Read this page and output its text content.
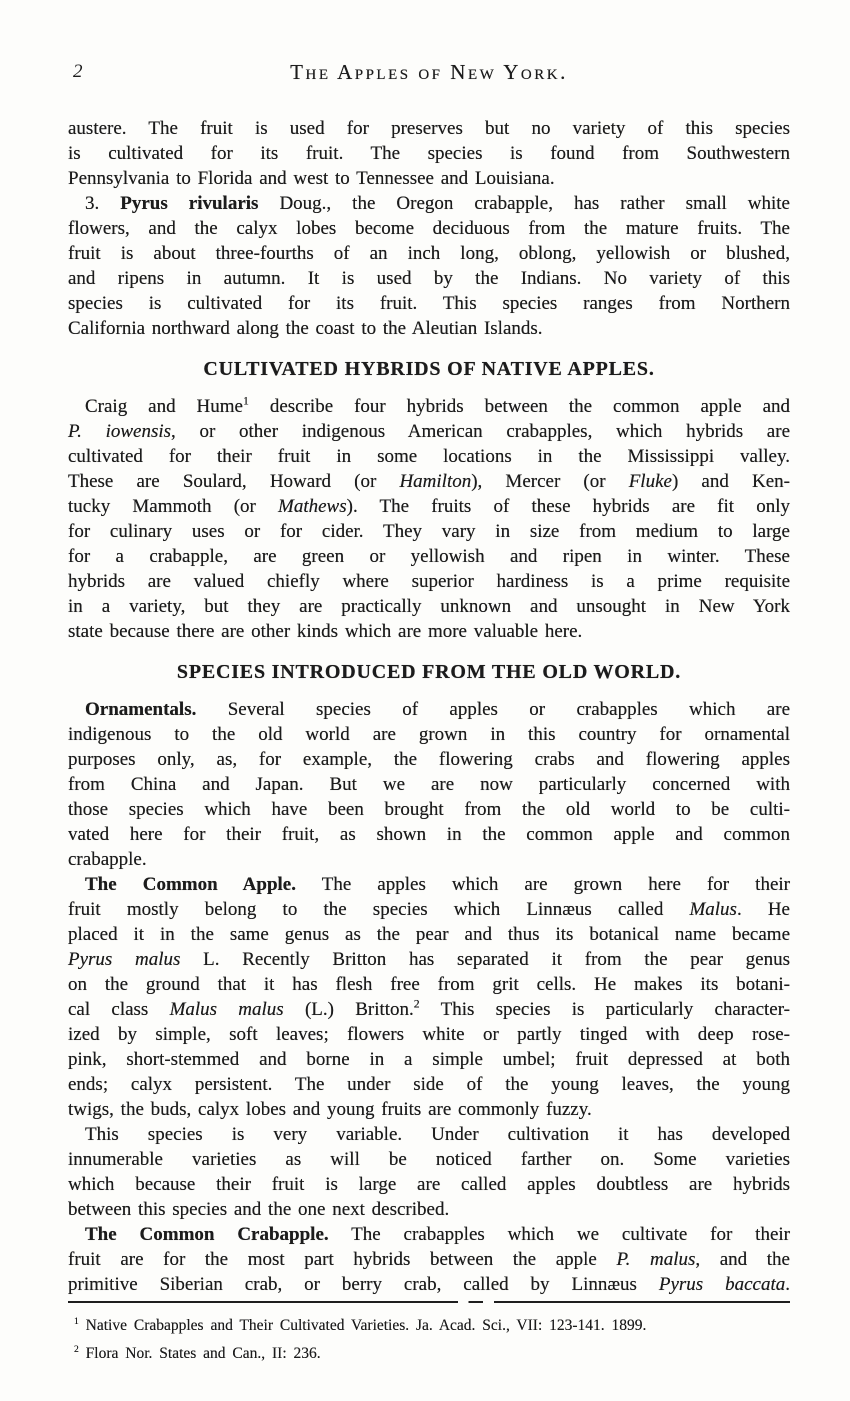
2	The Apples of New York.
austere. The fruit is used for preserves but no variety of this species
is cultivated for its fruit. The species is found from Southwestern
Pennsylvania to Florida and west to Tennessee and Louisiana.
3. Pyrus rivularis Doug., the Oregon crabapple, has rather small white
flowers, and the calyx lobes become deciduous from the mature fruits. The
fruit is about three-fourths of an inch long, oblong, yellowish or blushed,
and ripens in autumn. It is used by the Indians. No variety of this
species is cultivated for its fruit. This species ranges from Northern
California northward along the coast to the Aleutian Islands.
CULTIVATED HYBRIDS OF NATIVE APPLES.
Craig and Hume$^1$ describe four hybrids between the common apple and
P. iowensis, or other indigenous American crabapples, which hybrids are
cultivated for their fruit in some locations in the Mississippi valley.
These are Soulard, Howard (or Hamilton), Mercer (or Fluke) and Ken-
tucky Mammoth (or Mathews). The fruits of these hybrids are fit only
for culinary uses or for cider. They vary in size from medium to large
for a crabapple, are green or yellowish and ripen in winter. These
hybrids are valued chiefly where superior hardiness is a prime requisite
in a variety, but they are practically unknown and unsought in New York
state because there are other kinds which are more valuable here.
SPECIES INTRODUCED FROM THE OLD WORLD.
Ornamentals. Several species of apples or crabapples which are
indigenous to the old world are grown in this country for ornamental
purposes only, as, for example, the flowering crabs and flowering apples
from China and Japan. But we are now particularly concerned with
those species which have been brought from the old world to be culti-
vated here for their fruit, as shown in the common apple and common
crabapple.
The Common Apple. The apples which are grown here for their
fruit mostly belong to the species which Linnæus called Malus. He
placed it in the same genus as the pear and thus its botanical name became
Pyrus malus L. Recently Britton has separated it from the pear genus
on the ground that it has flesh free from grit cells. He makes its botani-
cal class Malus malus (L.) Britton.$^2$ This species is particularly character-
ized by simple, soft leaves; flowers white or partly tinged with deep rose-
pink, short-stemmed and borne in a simple umbel; fruit depressed at both
ends; calyx persistent. The under side of the young leaves, the young
twigs, the buds, calyx lobes and young fruits are commonly fuzzy.
This species is very variable. Under cultivation it has developed
innumerable varieties as will be noticed farther on. Some varieties
which because their fruit is large are called apples doubtless are hybrids
between this species and the one next described.
The Common Crabapple. The crabapples which we cultivate for their
fruit are for the most part hybrids between the apple P. malus, and the
primitive Siberian crab, or berry crab, called by Linnæus Pyrus baccata.
$^1$ Native Crabapples and Their Cultivated Varieties. Ja. Acad. Sci., VII: 123-141. 1899.
$^2$ Flora Nor. States and Can., II: 236.
